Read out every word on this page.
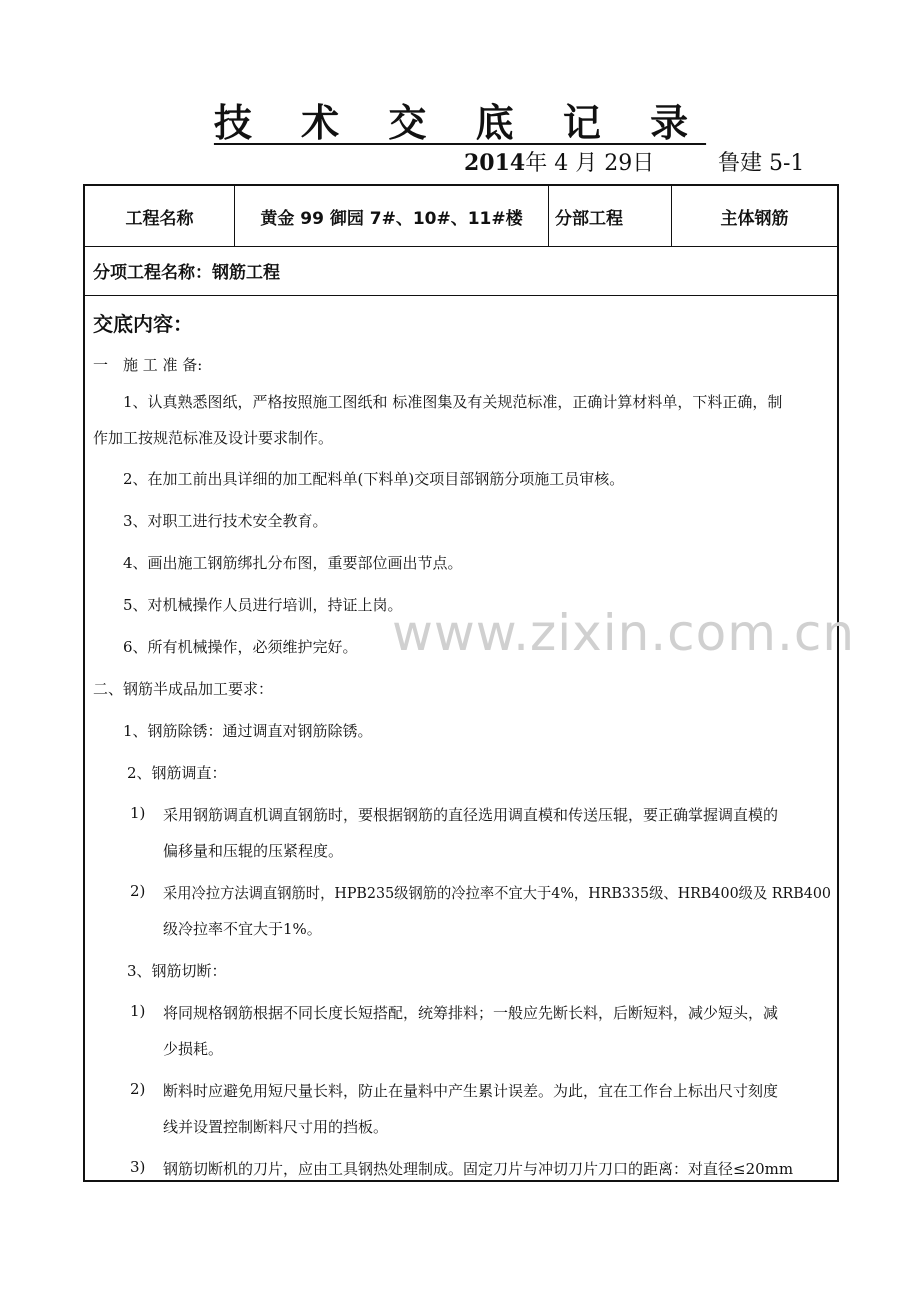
技 术 交 底 记 录
2014年 4 月 29日	鲁建 5-1
工程名称	黄金 99 御园 7#、10#、11#楼	分部工程	主体钢筋
分项工程名称：钢筋工程
交底内容：
一　施 工 准 备:
1、认真熟悉图纸，严格按照施工图纸和 标准图集及有关规范标准，正确计算材料单，下料正确，制
作加工按规范标准及设计要求制作。
2、在加工前出具详细的加工配料单(下料单)交项目部钢筋分项施工员审核。
3、对职工进行技术安全教育。
4、画出施工钢筋绑扎分布图，重要部位画出节点。
5、对机械操作人员进行培训，持证上岗。
6、所有机械操作，必须维护完好。
二、钢筋半成品加工要求：
1、钢筋除锈：通过调直对钢筋除锈。
2、钢筋调直：
1) 采用钢筋调直机调直钢筋时，要根据钢筋的直径选用调直模和传送压辊，要正确掌握调直模的
偏移量和压辊的压紧程度。
2) 采用冷拉方法调直钢筋时，HPB235级钢筋的冷拉率不宜大于4%，HRB335级、HRB400级及 RRB400
级冷拉率不宜大于1%。
3、钢筋切断：
1) 将同规格钢筋根据不同长度长短搭配，统筹排料；一般应先断长料，后断短料，减少短头，减
少损耗。
2) 断料时应避免用短尺量长料，防止在量料中产生累计误差。为此，宜在工作台上标出尺寸刻度
线并设置控制断料尺寸用的挡板。
3) 钢筋切断机的刀片，应由工具钢热处理制成。固定刀片与冲切刀片刀口的距离：对直径≤20mm
www.zixin.com.cn
